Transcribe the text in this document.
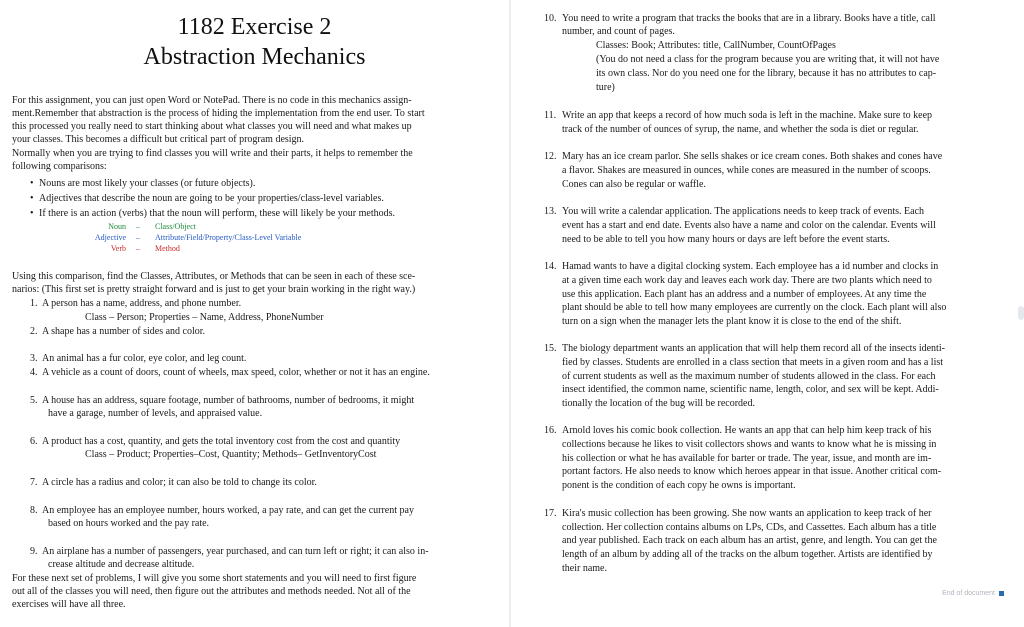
1182 Exercise 2
Abstraction Mechanics
For this assignment, you can just open Word or NotePad. There is no code in this mechanics assign-
ment.Remember that abstraction is the process of hiding the implementation from the end user. To start
this processed you really need to start thinking about what classes you will need and what makes up
your classes. This becomes a difficult but critical part of program design.
Normally when you are trying to find classes you will write and their parts, it helps to remember the
following comparisons:
• Nouns are most likely your classes (or future objects).
• Adjectives that describe the noun are going to be your properties/class-level variables.
• If there is an action (verbs) that the noun will perform, these will likely be your methods.
Noun – Class/Object
Adjective – Attribute/Field/Property/Class-Level Variable
Verb – Method
Using this comparison, find the Classes, Attributes, or Methods that can be seen in each of these sce-
narios: (This first set is pretty straight forward and is just to get your brain working in the right way.)
1. A person has a name, address, and phone number.
Class – Person; Properties – Name, Address, PhoneNumber
2. A shape has a number of sides and color.
3. An animal has a fur color, eye color, and leg count.
4. A vehicle as a count of doors, count of wheels, max speed, color, whether or not it has an engine.
5. A house has an address, square footage, number of bathrooms, number of bedrooms, it might
have a garage, number of levels, and appraised value.
6. A product has a cost, quantity, and gets the total inventory cost from the cost and quantity
Class – Product; Properties–Cost, Quantity; Methods– GetInventoryCost
7. A circle has a radius and color; it can also be told to change its color.
8. An employee has an employee number, hours worked, a pay rate, and can get the current pay
based on hours worked and the pay rate.
9. An airplane has a number of passengers, year purchased, and can turn left or right; it can also in-
crease altitude and decrease altitude.
For these next set of problems, I will give you some short statements and you will need to first figure
out all of the classes you will need, then figure out the attributes and methods needed. Not all of the
exercises will have all three.
10. You need to write a program that tracks the books that are in a library. Books have a title, call
number, and count of pages.
Classes: Book; Attributes: title, CallNumber, CountOfPages
(You do not need a class for the program because you are writing that, it will not have
its own class. Nor do you need one for the library, because it has no attributes to cap-
ture)
11. Write an app that keeps a record of how much soda is left in the machine. Make sure to keep
track of the number of ounces of syrup, the name, and whether the soda is diet or regular.
12. Mary has an ice cream parlor. She sells shakes or ice cream cones. Both shakes and cones have
a flavor. Shakes are measured in ounces, while cones are measured in the number of scoops.
Cones can also be regular or waffle.
13. You will write a calendar application. The applications needs to keep track of events. Each
event has a start and end date. Events also have a name and color on the calendar. Events will
need to be able to tell you how many hours or days are left before the event starts.
14. Hamad wants to have a digital clocking system. Each employee has a id number and clocks in
at a given time each work day and leaves each work day. There are two plants which need to
use this application. Each plant has an address and a number of employees. At any time the
plant should be able to tell how many employees are currently on the clock. Each plant will also
turn on a sign when the manager lets the plant know it is close to the end of the shift.
15. The biology department wants an application that will help them record all of the insects identi-
fied by classes. Students are enrolled in a class section that meets in a given room and has a list
of current students as well as the maximum number of students allowed in the class. For each
insect identified, the common name, scientific name, length, color, and sex will be kept. Addi-
tionally the location of the bug will be recorded.
16. Arnold loves his comic book collection. He wants an app that can help him keep track of his
collections because he likes to visit collectors shows and wants to know what he is missing in
his collection or what he has available for barter or trade. The year, issue, and month are im-
portant factors. He also needs to know which heroes appear in that issue. Another critical com-
ponent is the condition of each copy he owns is important.
17. Kira's music collection has been growing. She now wants an application to keep track of her
collection. Her collection contains albums on LPs, CDs, and Cassettes. Each album has a title
and year published. Each track on each album has an artist, genre, and length. You can get the
length of an album by adding all of the tracks on the album together. Artists are identified by
their name.
End of document
